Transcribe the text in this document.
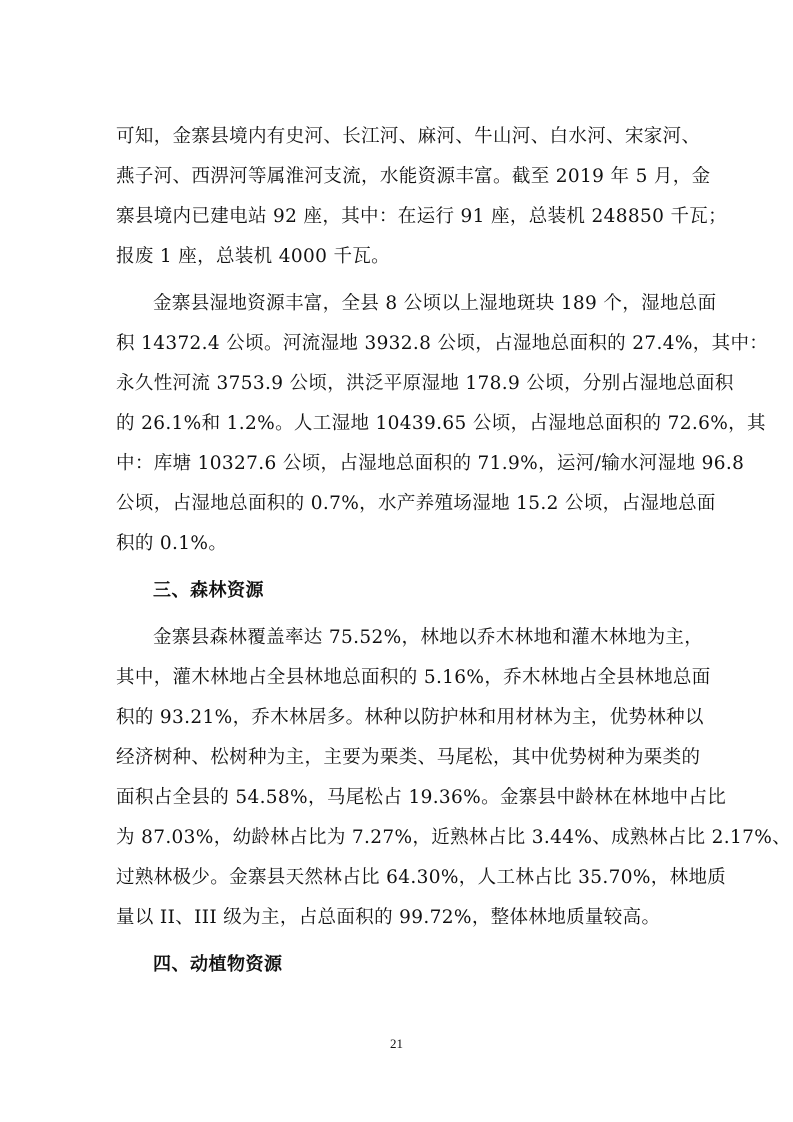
可知，金寨县境内有史河、长江河、麻河、牛山河、白水河、宋家河、
燕子河、西淠河等属淮河支流，水能资源丰富。截至 2019 年 5 月，金
寨县境内已建电站 92 座，其中：在运行 91 座，总装机 248850 千瓦；
报废 1 座，总装机 4000 千瓦。
金寨县湿地资源丰富，全县 8 公顷以上湿地斑块 189 个，湿地总面
积 14372.4 公顷。河流湿地 3932.8 公顷，占湿地总面积的 27.4%，其中：
永久性河流 3753.9 公顷，洪泛平原湿地 178.9 公顷，分别占湿地总面积
的 26.1%和 1.2%。人工湿地 10439.65 公顷，占湿地总面积的 72.6%，其
中：库塘 10327.6 公顷，占湿地总面积的 71.9%，运河/输水河湿地 96.8
公顷，占湿地总面积的 0.7%，水产养殖场湿地 15.2 公顷，占湿地总面
积的 0.1%。
三、森林资源
金寨县森林覆盖率达 75.52%，林地以乔木林地和灌木林地为主，
其中，灌木林地占全县林地总面积的 5.16%，乔木林地占全县林地总面
积的 93.21%，乔木林居多。林种以防护林和用材林为主，优势林种以
经济树种、松树种为主，主要为栗类、马尾松，其中优势树种为栗类的
面积占全县的 54.58%，马尾松占 19.36%。金寨县中龄林在林地中占比
为 87.03%，幼龄林占比为 7.27%，近熟林占比 3.44%、成熟林占比 2.17%、
过熟林极少。金寨县天然林占比 64.30%，人工林占比 35.70%，林地质
量以 II、III 级为主，占总面积的 99.72%，整体林地质量较高。
四、动植物资源
21
